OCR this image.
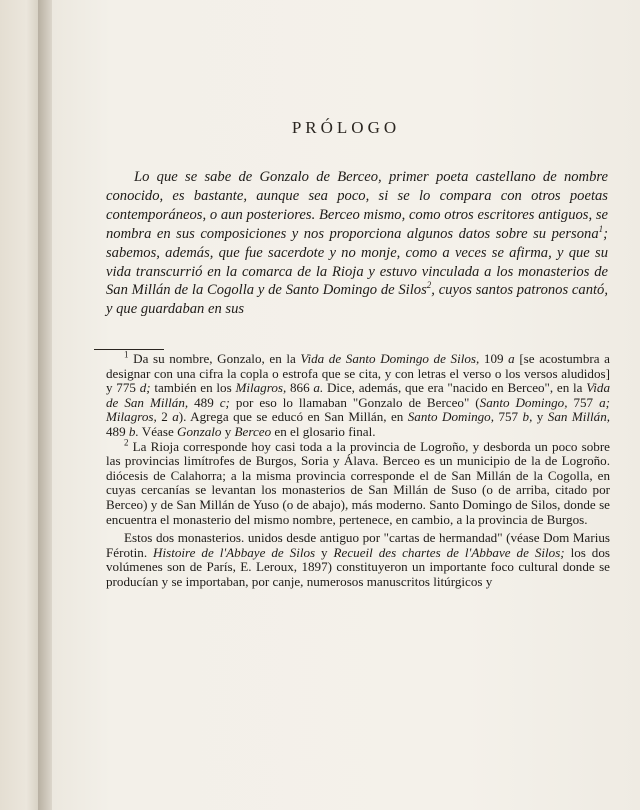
PRÓLOGO

Lo que se sabe de Gonzalo de Berceo, primer poeta castellano de nombre conocido, es bastante, aunque sea poco, si se lo compara con otros poetas contemporáneos, o aun posteriores. Berceo mismo, como otros escritores antiguos, se nombra en sus composiciones y nos proporciona algunos datos sobre su persona$^1$; sabemos, además, que fue sacerdote y no monje, como a veces se afirma, y que su vida transcurrió en la comarca de la Rioja y estuvo vinculada a los monasterios de San Millán de la Cogolla y de Santo Domingo de Silos$^2$, cuyos santos patronos cantó, y que guardaban en sus

$^1$ Da su nombre, Gonzalo, en la Vida de Santo Domingo de Silos, 109 a [se acostumbra a designar con una cifra la copla o estrofa que se cita, y con letras el verso o los versos aludidos] y 775 d; también en los Milagros, 866 a. Dice, además, que era "nacido en Berceo", en la Vida de San Millán, 489 c; por eso lo llamaban "Gonzalo de Berceo" (Santo Domingo, 757 a; Milagros, 2 a). Agrega que se educó en San Millán, en Santo Domingo, 757 b, y San Millán, 489 b. Véase Gonzalo y Berceo en el glosario final.

$^2$ La Rioja corresponde hoy casi toda a la provincia de Logroño, y desborda un poco sobre las provincias limítrofes de Burgos, Soria y Álava. Berceo es un municipio de la de Logroño. diócesis de Calahorra; a la misma provincia corresponde el de San Millán de la Cogolla, en cuyas cercanías se levantan los monasterios de San Millán de Suso (o de arriba, citado por Berceo) y de San Millán de Yuso (o de abajo), más moderno. Santo Domingo de Silos, donde se encuentra el monasterio del mismo nombre, pertenece, en cambio, a la provincia de Burgos.

Estos dos monasterios. unidos desde antiguo por "cartas de hermandad" (véase Dom Marius Férotin. Histoire de l'Abbaye de Silos y Recueil des chartes de l'Abbave de Silos; los dos volúmenes son de París, E. Leroux, 1897) constituyeron un importante foco cultural donde se producían y se importaban, por canje, numerosos manuscritos litúrgicos y
